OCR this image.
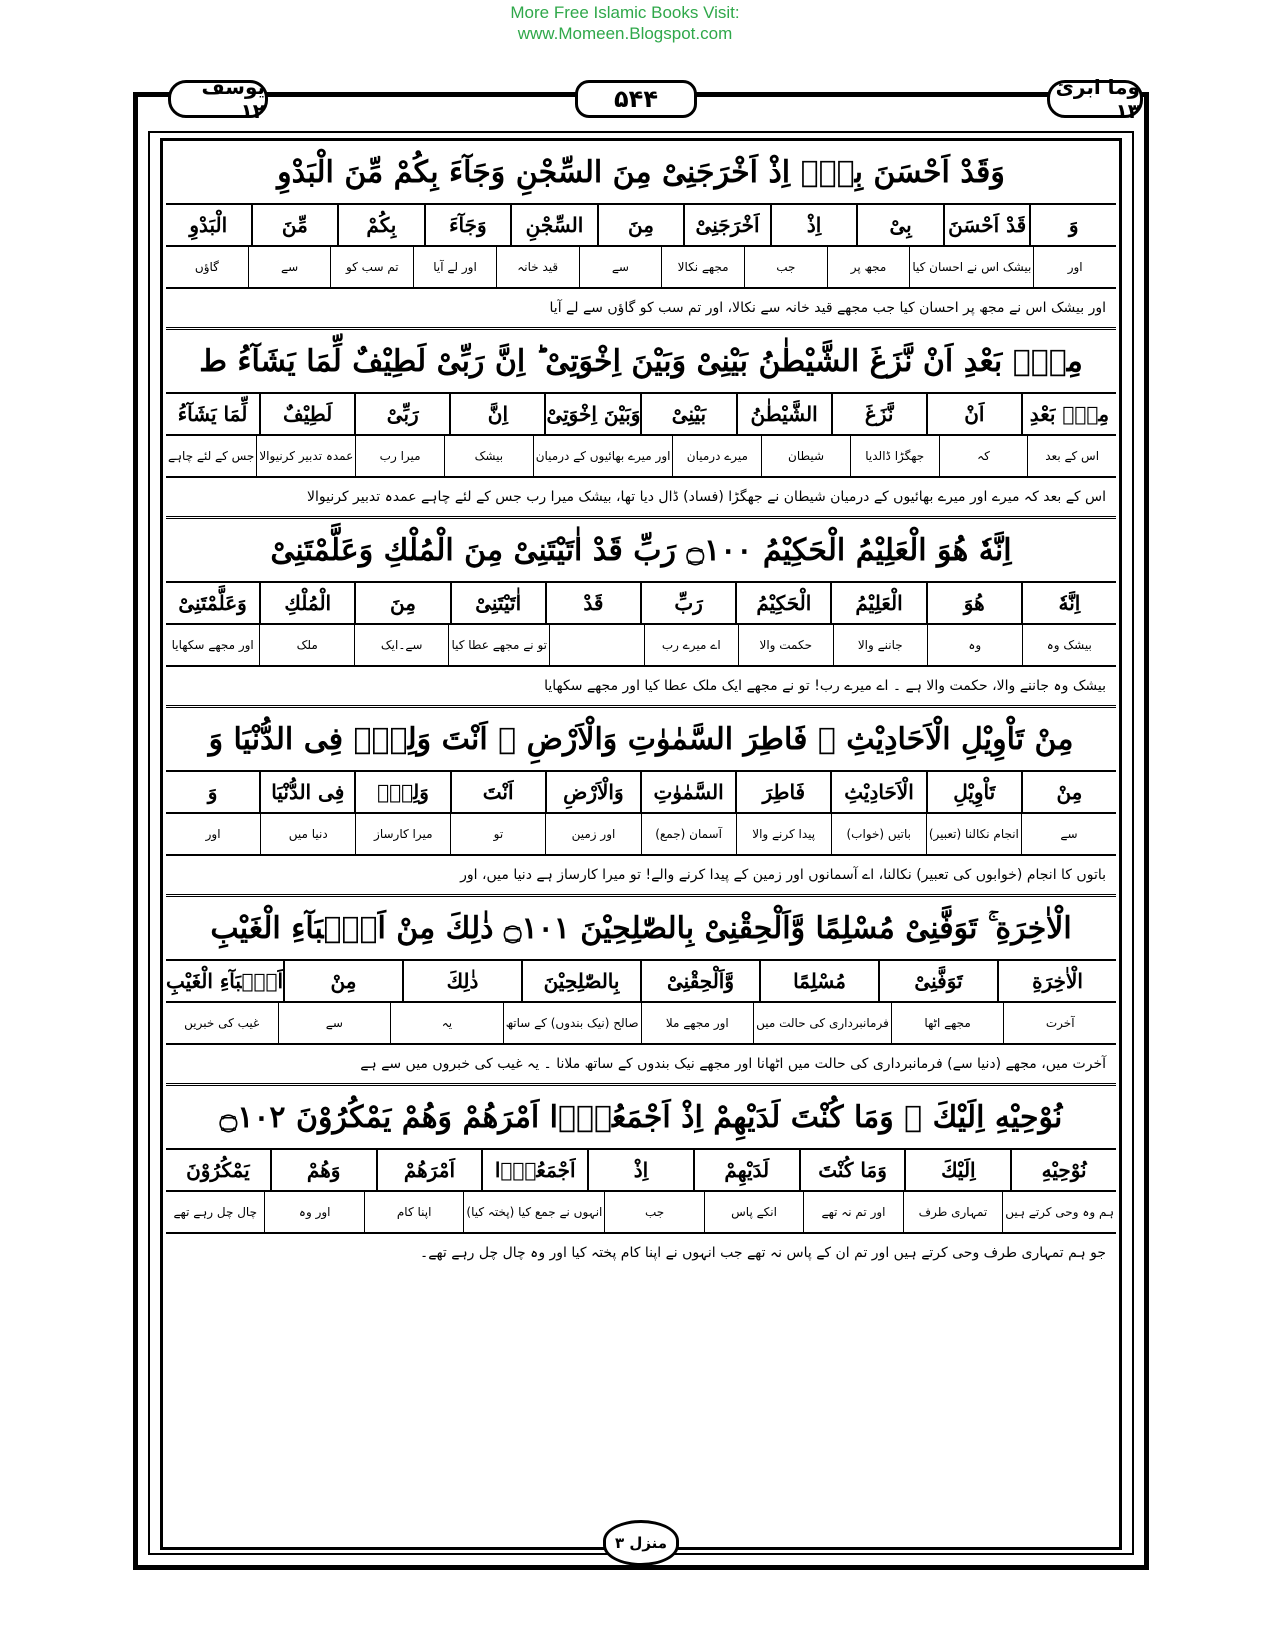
More Free Islamic Books Visit:
www.Momeen.Blogspot.com
یوسف ۱۲	۵۴۴	وما ابرئ ۱۳
وَقَدْ اَحْسَنَ بِیْۤ اِذْ اَخْرَجَنِیْ مِنَ السِّجْنِ وَجَآءَ بِكُمْ مِّنَ الْبَدْوِ
وَ
قَدْ اَحْسَنَ
بِیْ
اِذْ
اَخْرَجَنِیْ
مِنَ
السِّجْنِ
وَجَآءَ
بِكُمْ
مِّنَ
الْبَدْوِ
اور
بیشک اس نے احسان کیا
مجھ پر
جب
مجھے نکالا
سے
قید خانہ
اور لے آیا
تم سب کو
سے
گاؤں
اور بیشک اس نے مجھ پر احسان کیا جب مجھے قید خانہ سے نکالا، اور تم سب کو گاؤں سے لے آیا
مِنْۢ بَعْدِ اَنْ نَّزَغَ الشَّیْطٰنُ بَیْنِیْ وَبَیْنَ اِخْوَتِیْ ؕ اِنَّ رَبِّیْ لَطِیْفٌ لِّمَا یَشَآءُ ط
مِنْۢ بَعْدِ
اَنْ
نَّزَغَ
الشَّیْطٰنُ
بَیْنِیْ
وَبَیْنَ اِخْوَتِیْ
اِنَّ
رَبِّیْ
لَطِیْفٌ
لِّمَا یَشَآءُ
اس کے بعد
کہ
جھگڑا ڈالدیا
شیطان
میرے درمیان
اور میرے بھائیوں کے درمیان
بیشک
میرا رب
عمدہ تدبیر کرنیوالا
جس کے لئے چاہے
اس کے بعد کہ میرے اور میرے بھائیوں کے درمیان شیطان نے جھگڑا (فساد) ڈال دیا تھا، بیشک میرا رب جس کے لئے چاہے عمدہ تدبیر کرنیوالا
اِنَّهٗ هُوَ الْعَلِیْمُ الْحَكِیْمُ ۝۱۰۰ رَبِّ قَدْ اٰتَیْتَنِیْ مِنَ الْمُلْكِ وَعَلَّمْتَنِیْ
اِنَّهٗ
هُوَ
الْعَلِیْمُ
الْحَكِیْمُ
رَبِّ
قَدْ
اٰتَیْتَنِیْ
مِنَ
الْمُلْكِ
وَعَلَّمْتَنِیْ
بیشک وہ
وہ
جاننے والا
حکمت والا
اے میرے رب
تو نے مجھے عطا کیا
سے۔ایک
ملک
اور مجھے سکھایا
بیشک وہ جاننے والا، حکمت والا ہے ۔ اے میرے رب! تو نے مجھے ایک ملک عطا کیا اور مجھے سکھایا
مِنْ تَاْوِیْلِ الْاَحَادِیْثِ ۚ فَاطِرَ السَّمٰوٰتِ وَالْاَرْضِ ۫ اَنْتَ وَلِیّٖ فِی الدُّنْیَا وَ
مِنْ
تَاْوِیْلِ
الْاَحَادِیْثِ
فَاطِرَ
السَّمٰوٰتِ
وَالْاَرْضِ
اَنْتَ
وَلِیّٖ
فِی الدُّنْیَا
وَ
سے
انجام نکالنا (تعبیر)
باتیں (خواب)
پیدا کرنے والا
آسمان (جمع)
اور زمین
تو
میرا کارساز
دنیا میں
اور
باتوں کا انجام (خوابوں کی تعبیر) نکالنا، اے آسمانوں اور زمین کے پیدا کرنے والے! تو میرا کارساز ہے دنیا میں، اور
الْاٰخِرَةِ ۚ تَوَفَّنِیْ مُسْلِمًا وَّاَلْحِقْنِیْ بِالصّٰلِحِیْنَ ۝۱۰۱ ذٰلِكَ مِنْ اَنْۢبَآءِ الْغَیْبِ
الْاٰخِرَةِ
تَوَفَّنِیْ
مُسْلِمًا
وَّاَلْحِقْنِیْ
بِالصّٰلِحِیْنَ
ذٰلِكَ
مِنْ
اَنْۢبَآءِ الْغَیْبِ
آخرت
مجھے اٹھا
فرمانبرداری کی حالت میں
اور مجھے ملا
صالح (نیک بندوں) کے ساتھ
یہ
سے
غیب کی خبریں
آخرت میں، مجھے (دنیا سے) فرمانبرداری کی حالت میں اٹھانا اور مجھے نیک بندوں کے ساتھ ملانا ۔ یہ غیب کی خبروں میں سے ہے
نُوْحِیْهِ اِلَیْكَ ۚ وَمَا كُنْتَ لَدَیْهِمْ اِذْ اَجْمَعُوْۤا اَمْرَهُمْ وَهُمْ یَمْكُرُوْنَ ۝۱۰۲
نُوْحِیْهِ
اِلَیْكَ
وَمَا كُنْتَ
لَدَیْهِمْ
اِذْ
اَجْمَعُوْۤا
اَمْرَهُمْ
وَهُمْ
یَمْكُرُوْنَ
ہم وہ وحی کرتے ہیں
تمہاری طرف
اور تم نہ تھے
انکے پاس
جب
انہوں نے جمع کیا (پختہ کیا)
اپنا کام
اور وہ
چال چل رہے تھے
جو ہم تمہاری طرف وحی کرتے ہیں اور تم ان کے پاس نہ تھے جب انہوں نے اپنا کام پختہ کیا اور وہ چال چل رہے تھے۔
منزل ۳
